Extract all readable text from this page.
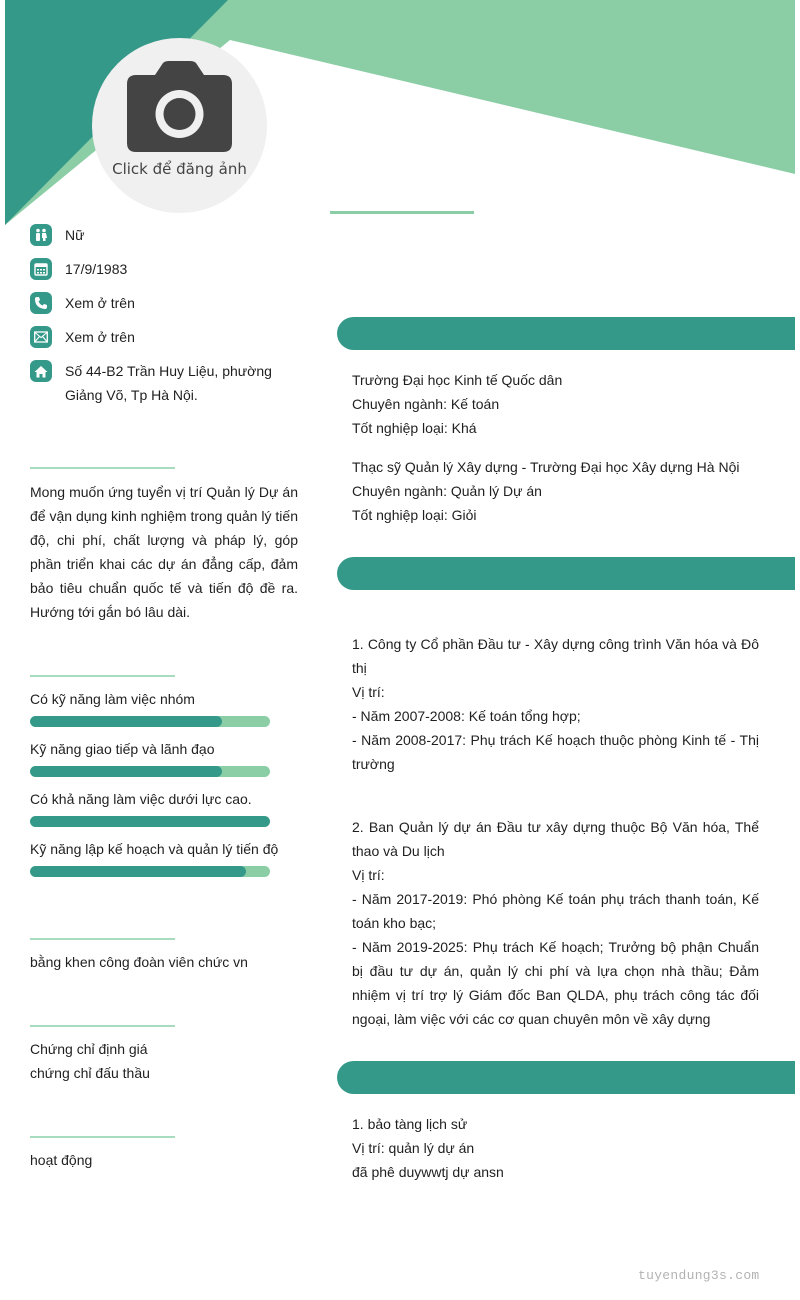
Click để đăng ảnh
Nữ
17/9/1983
Xem ở trên
Xem ở trên
Số 44-B2 Trần Huy Liệu, phường Giảng Võ, Tp Hà Nội.
Mong muốn ứng tuyển vị trí Quản lý Dự án để vận dụng kinh nghiệm trong quản lý tiến độ, chi phí, chất lượng và pháp lý, góp phần triển khai các dự án đẳng cấp, đảm bảo tiêu chuẩn quốc tế và tiến độ đề ra. Hướng tới gắn bó lâu dài.
Có kỹ năng làm việc nhóm
Kỹ năng giao tiếp và lãnh đạo
Có khả năng làm việc dưới lực cao.
Kỹ năng lập kế hoạch và quản lý tiến độ
bằng khen công đoàn viên chức vn
Chứng chỉ định giá
chứng chỉ đấu thầu
hoạt động
Trường Đại học Kinh tế Quốc dân
Chuyên ngành: Kế toán
Tốt nghiệp loại: Khá
Thạc sỹ Quản lý Xây dựng - Trường Đại học Xây dựng Hà Nội
Chuyên ngành: Quản lý Dự án
Tốt nghiệp loại: Giỏi
1. Công ty Cổ phần Đầu tư - Xây dựng công trình Văn hóa và Đô thị
Vị trí:
- Năm 2007-2008: Kế toán tổng hợp;
- Năm 2008-2017: Phụ trách Kế hoạch thuộc phòng Kinh tế - Thị trường
2. Ban Quản lý dự án Đầu tư xây dựng thuộc Bộ Văn hóa, Thể thao và Du lịch
Vị trí:
- Năm 2017-2019: Phó phòng Kế toán phụ trách thanh toán, Kế toán kho bạc;
- Năm 2019-2025: Phụ trách Kế hoạch; Trưởng bộ phận Chuẩn bị đầu tư dự án, quản lý chi phí và lựa chọn nhà thầu; Đảm nhiệm vị trí trợ lý Giám đốc Ban QLDA, phụ trách công tác đối ngoại, làm việc với các cơ quan chuyên môn về xây dựng
1. bảo tàng lịch sử
Vị trí: quản lý dự án
đã phê duywwtj dự ansn
tuyendung3s.com
